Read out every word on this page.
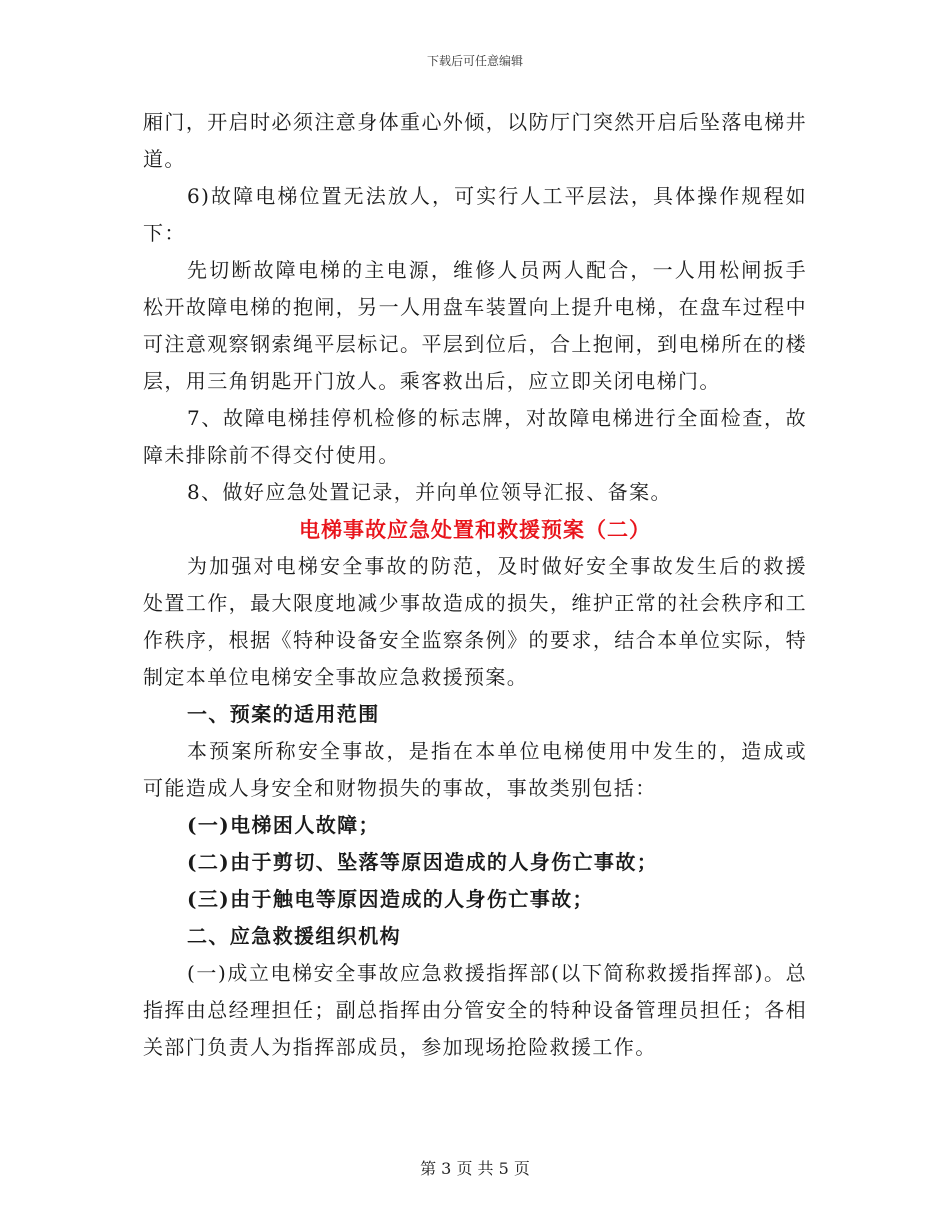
下载后可任意编辑

厢门，开启时必须注意身体重心外倾，以防厅门突然开启后坠落电梯井道。

6)故障电梯位置无法放人，可实行人工平层法，具体操作规程如下：

先切断故障电梯的主电源，维修人员两人配合，一人用松闸扳手松开故障电梯的抱闸，另一人用盘车装置向上提升电梯，在盘车过程中可注意观察钢索绳平层标记。平层到位后，合上抱闸，到电梯所在的楼层，用三角钥匙开门放人。乘客救出后，应立即关闭电梯门。

7、故障电梯挂停机检修的标志牌，对故障电梯进行全面检查，故障未排除前不得交付使用。

8、做好应急处置记录，并向单位领导汇报、备案。

电梯事故应急处置和救援预案（二）

为加强对电梯安全事故的防范，及时做好安全事故发生后的救援处置工作，最大限度地减少事故造成的损失，维护正常的社会秩序和工作秩序，根据《特种设备安全监察条例》的要求，结合本单位实际，特制定本单位电梯安全事故应急救援预案。

一、预案的适用范围

本预案所称安全事故，是指在本单位电梯使用中发生的，造成或可能造成人身安全和财物损失的事故，事故类别包括：

(一)电梯困人故障；

(二)由于剪切、坠落等原因造成的人身伤亡事故；

(三)由于触电等原因造成的人身伤亡事故；

二、应急救援组织机构

(一)成立电梯安全事故应急救援指挥部(以下简称救援指挥部)。总指挥由总经理担任；副总指挥由分管安全的特种设备管理员担任；各相关部门负责人为指挥部成员，参加现场抢险救援工作。

第 3 页 共 5 页
